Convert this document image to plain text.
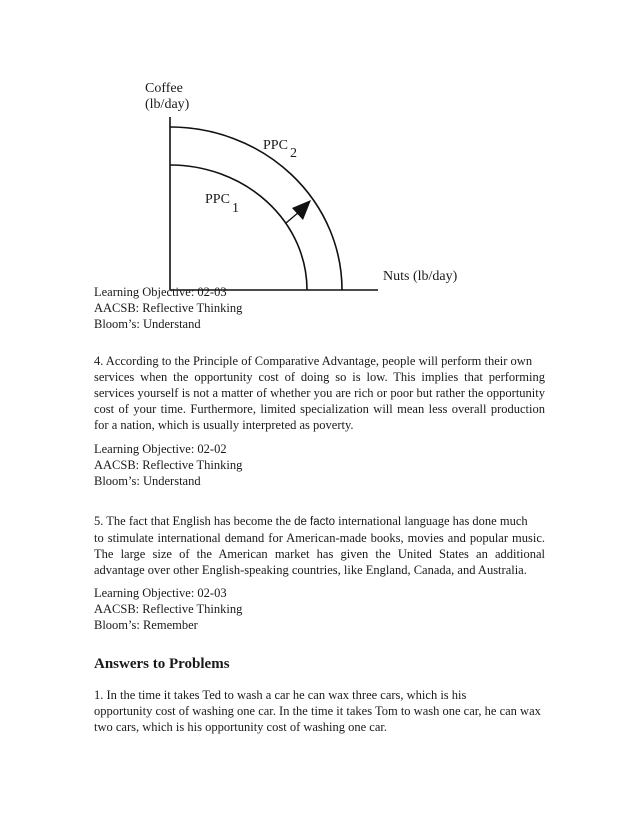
Coffee
(lb/day)
PPC
2
PPC
1
Nuts (lb/day)
Learning Objective: 02-03
AACSB: Reflective Thinking
Bloom’s: Understand
4. According to the Principle of Comparative Advantage, people will perform their own
services when the opportunity cost of doing so is low. This implies that performing
services yourself is not a matter of whether you are rich or poor but rather the opportunity
cost of your time. Furthermore, limited specialization will mean less overall production
for a nation, which is usually interpreted as poverty.
Learning Objective: 02-02
AACSB: Reflective Thinking
Bloom’s: Understand
5. The fact that English has become the de facto international language has done much
to stimulate international demand for American-made books, movies and popular music.
The large size of the American market has given the United States an additional
advantage over other English-speaking countries, like England, Canada, and Australia.
Learning Objective: 02-03
AACSB: Reflective Thinking
Bloom’s: Remember
Answers to Problems
1. In the time it takes Ted to wash a car he can wax three cars, which is his
opportunity cost of washing one car. In the time it takes Tom to wash one car, he can wax
two cars, which is his opportunity cost of washing one car.
